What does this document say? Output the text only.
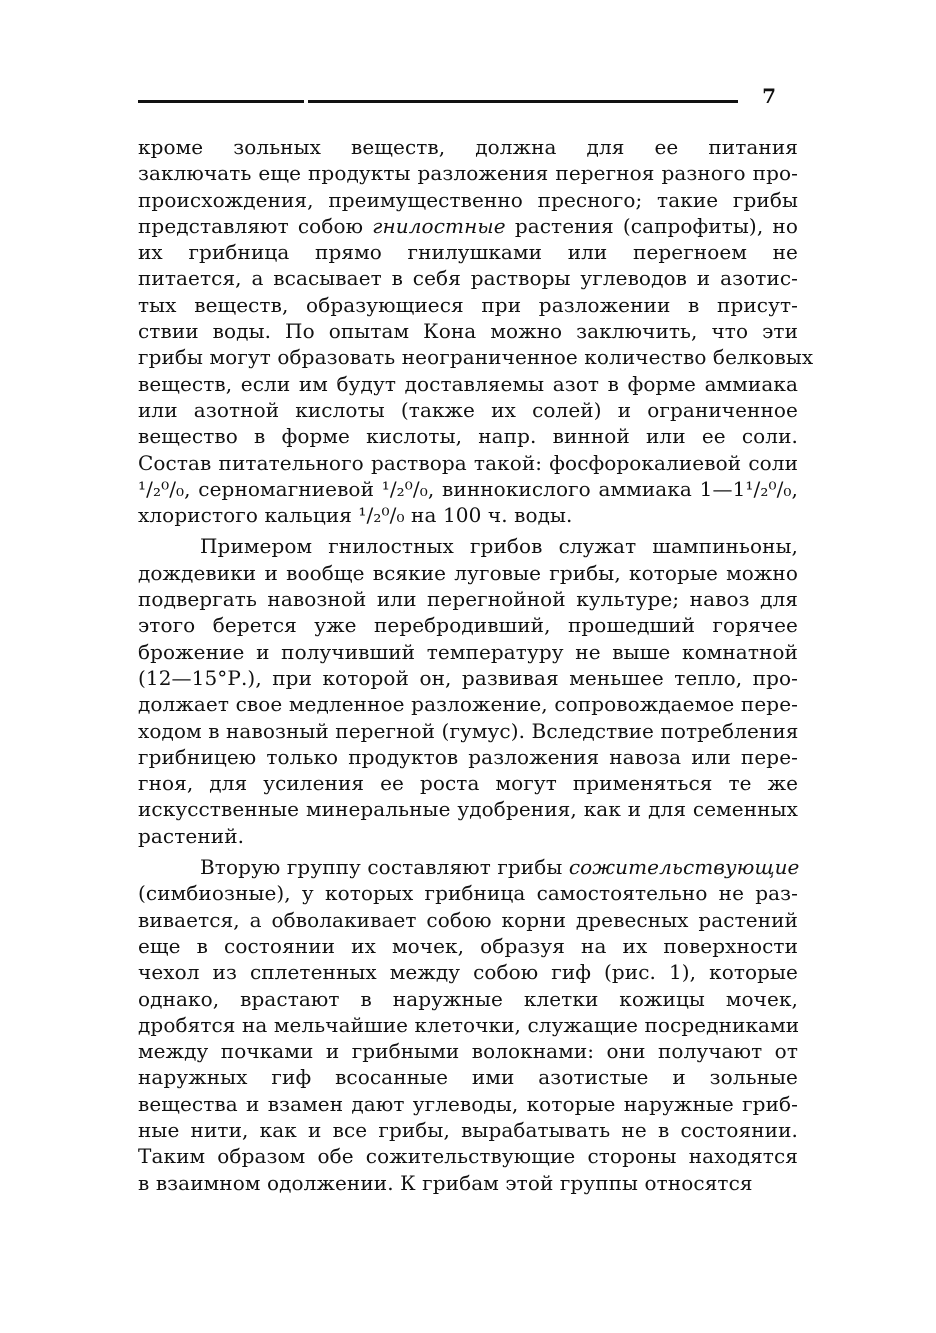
7
кроме зольных веществ, должна для ее питания
заключать еще продукты разложения перегноя разного про-
происхождения, преимущественно пресного; такие грибы
представляют собою гнилостные растения (сапрофиты), но
их грибница прямо гнилушками или перегноем не
питается, а всасывает в себя растворы углеводов и азотис-
тых веществ, образующиеся при разложении в присут-
ствии воды. По опытам Кона можно заключить, что эти
грибы могут образовать неограниченное количество белковых
веществ, если им будут доставляемы азот в форме аммиака
или азотной кислоты (также их солей) и ограниченное
вещество в форме кислоты, напр. винной или ее соли.
Состав питательного раствора такой: фосфорокалиевой соли
¹/₂⁰/₀, серномагниевой ¹/₂⁰/₀, виннокислого аммиака 1—1¹/₂⁰/₀,
хлористого кальция ¹/₂⁰/₀ на 100 ч. воды.
Примером гнилостных грибов служат шампиньоны,
дождевики и вообще всякие луговые грибы, которые можно
подвергать навозной или перегнойной культуре; навоз для
этого берется уже перебродивший, прошедший горячее
брожение и получивший температуру не выше комнатной
(12—15°Р.), при которой он, развивая меньшее тепло, про-
должает свое медленное разложение, сопровождаемое пере-
ходом в навозный перегной (гумус). Вследствие потребления
грибницею только продуктов разложения навоза или пере-
гноя, для усиления ее роста могут применяться те же
искусственные минеральные удобрения, как и для семенных
растений.
Вторую группу составляют грибы сожительствующие
(симбиозные), у которых грибница самостоятельно не раз-
вивается, а обволакивает собою корни древесных растений
еще в состоянии их мочек, образуя на их поверхности
чехол из сплетенных между собою гиф (рис. 1), которые
однако, врастают в наружные клетки кожицы мочек,
дробятся на мельчайшие клеточки, служащие посредниками
между почками и грибными волокнами: они получают от
наружных гиф всосанные ими азотистые и зольные
вещества и взамен дают углеводы, которые наружные гриб-
ные нити, как и все грибы, вырабатывать не в состоянии.
Таким образом обе сожительствующие стороны находятся
в взаимном одолжении. К грибам этой группы относятся
